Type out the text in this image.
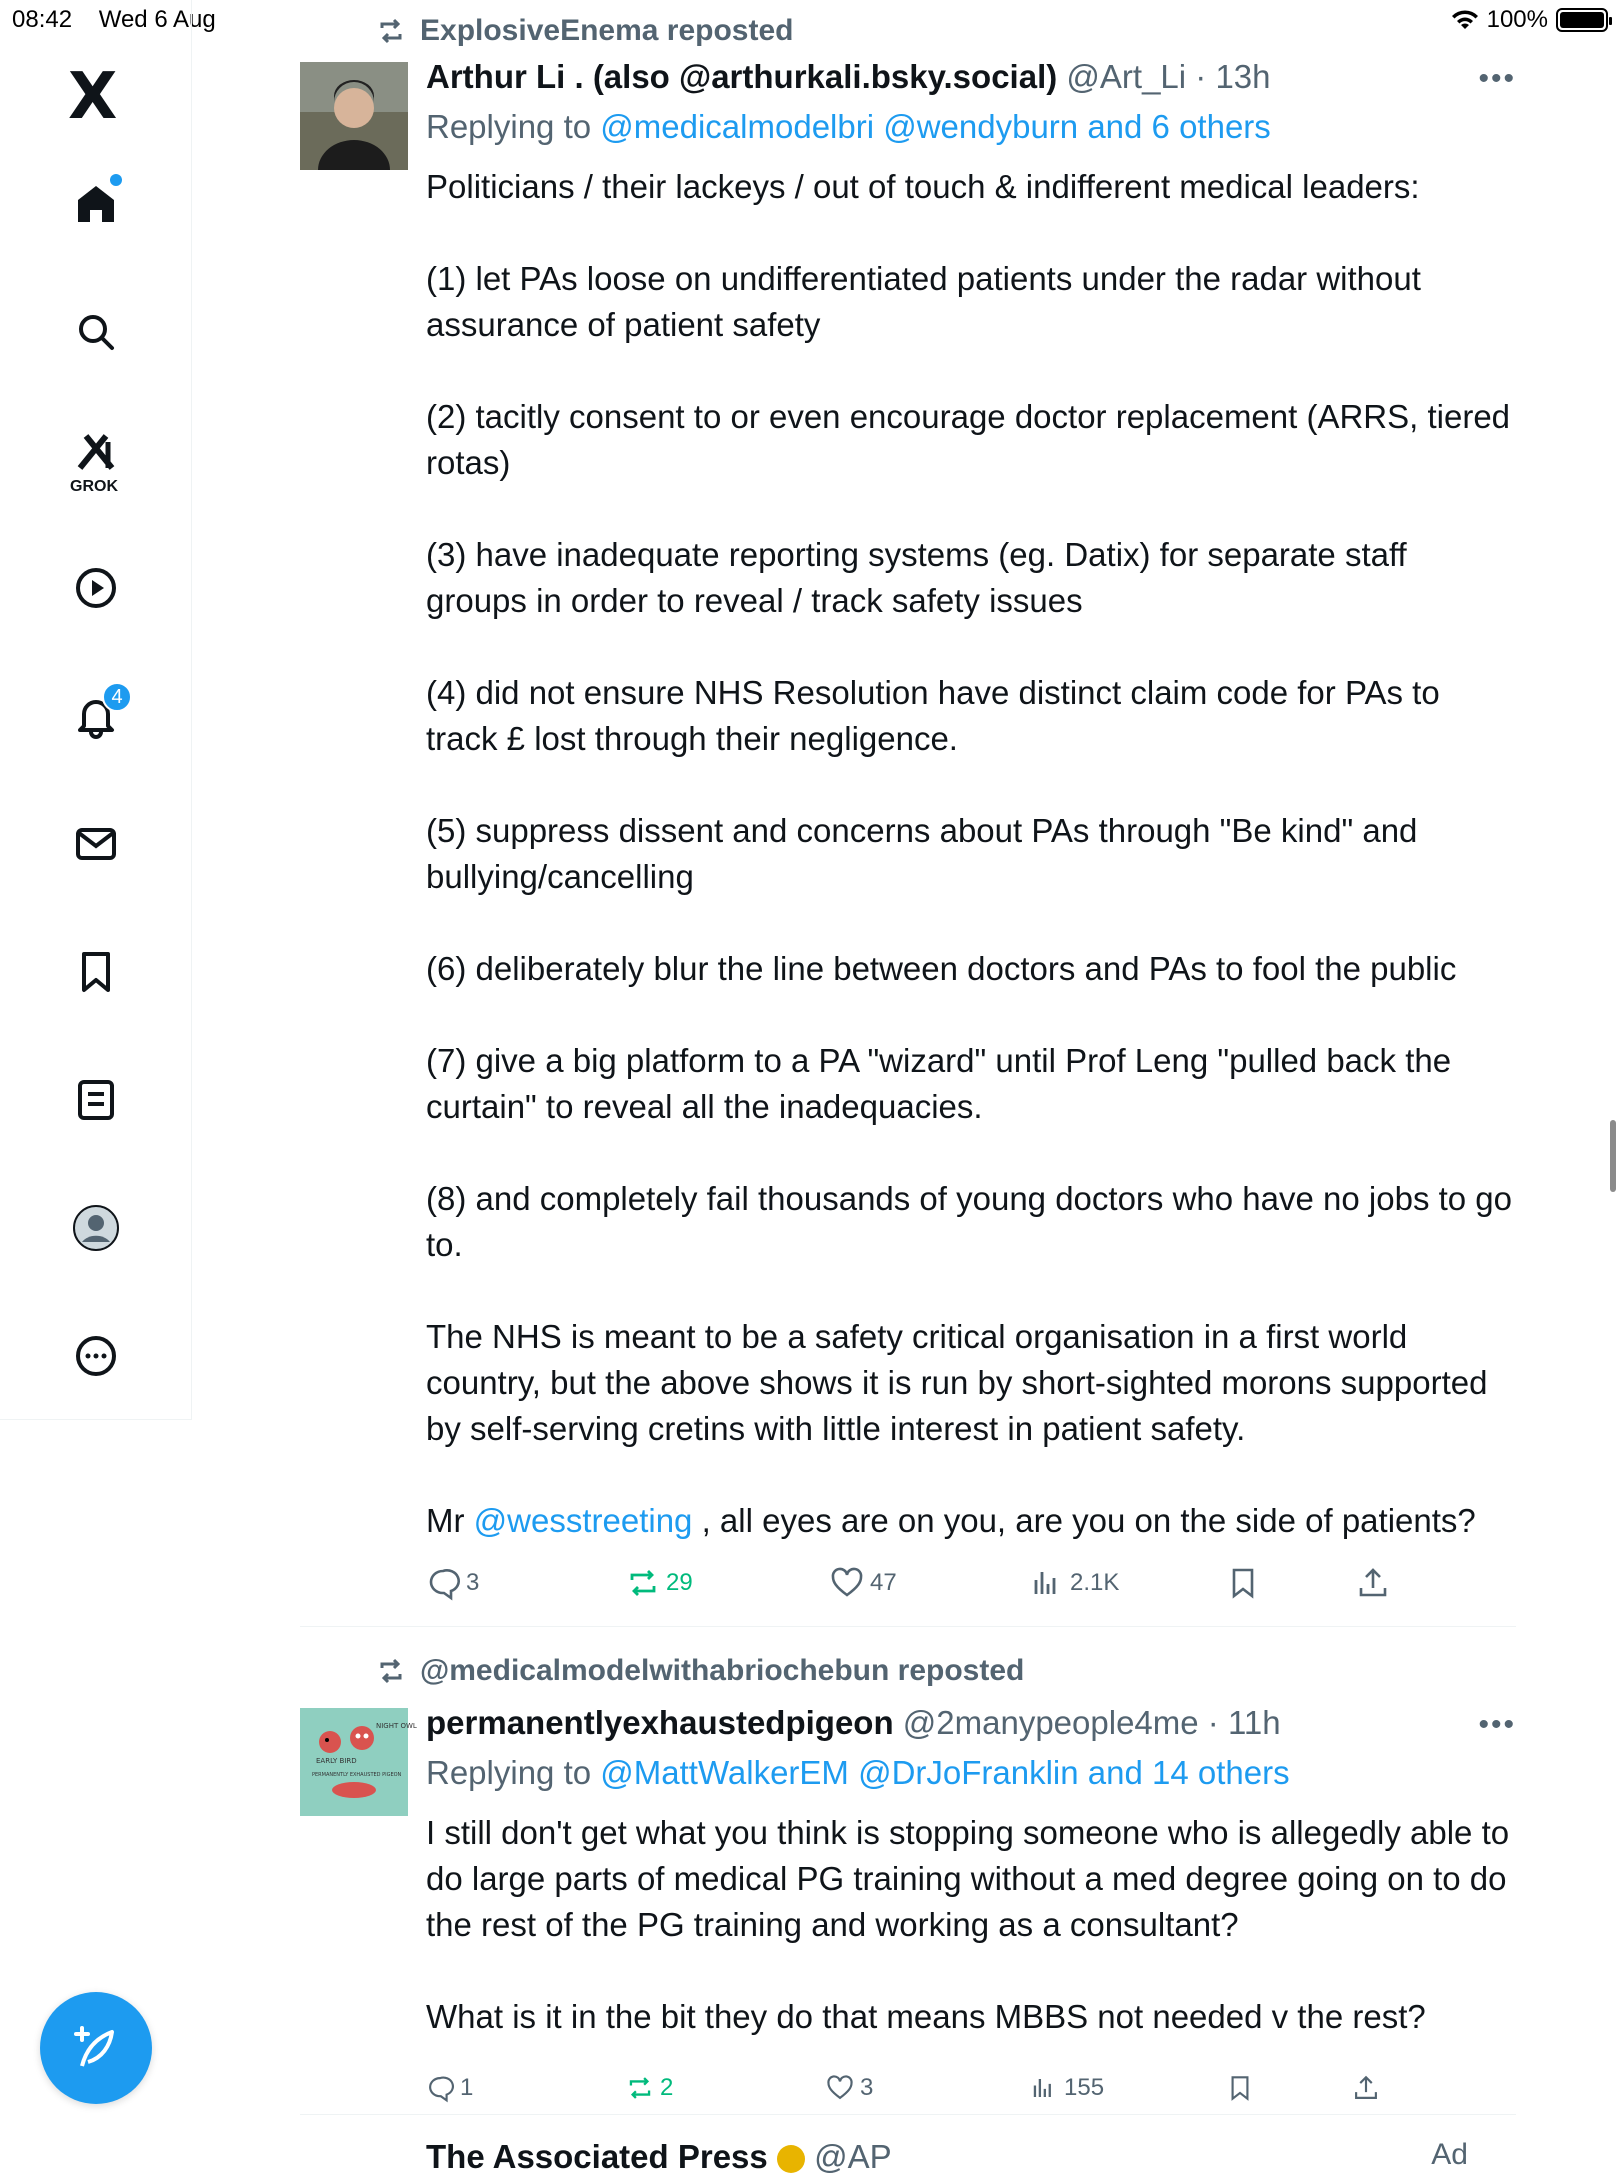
08:42 Wed 6 Aug	100%
X
GROK
4
ExplosiveEnema reposted
Arthur Li . (also @arthurkali.bsky.social) @Art_Li · 13h	•••
Replying to @medicalmodelbri @wendyburn and 6 others

Politicians / their lackeys / out of touch & indifferent medical leaders:

(1) let PAs loose on undifferentiated patients under the radar without assurance of patient safety

(2) tacitly consent to or even encourage doctor replacement (ARRS, tiered rotas)

(3) have inadequate reporting systems (eg. Datix) for separate staff groups in order to reveal / track safety issues

(4) did not ensure NHS Resolution have distinct claim code for PAs to track £ lost through their negligence.

(5) suppress dissent and concerns about PAs through "Be kind" and bullying/cancelling

(6) deliberately blur the line between doctors and PAs to fool the public

(7) give a big platform to a PA "wizard" until Prof Leng "pulled back the curtain" to reveal all the inadequacies.

(8) and completely fail thousands of young doctors who have no jobs to go to.

The NHS is meant to be a safety critical organisation in a first world country, but the above shows it is run by short-sighted morons supported by self-serving cretins with little interest in patient safety.

Mr @wesstreeting , all eyes are on you, are you on the side of patients?

3	29	47	2.1K
@medicalmodelwithabriochebun reposted
NIGHT OWL
EARLY BIRD
PERMANENTLY EXHAUSTED PIGEON
permanentlyexhaustedpigeon @2manypeople4me · 11h	•••
Replying to @MattWalkerEM @DrJoFranklin and 14 others

I still don't get what you think is stopping someone who is allegedly able to do large parts of medical PG training without a med degree going on to do the rest of the PG training and working as a consultant?

What is it in the bit they do that means MBBS not needed v the rest?

1	2	3	155
The Associated Press @AP	Ad
